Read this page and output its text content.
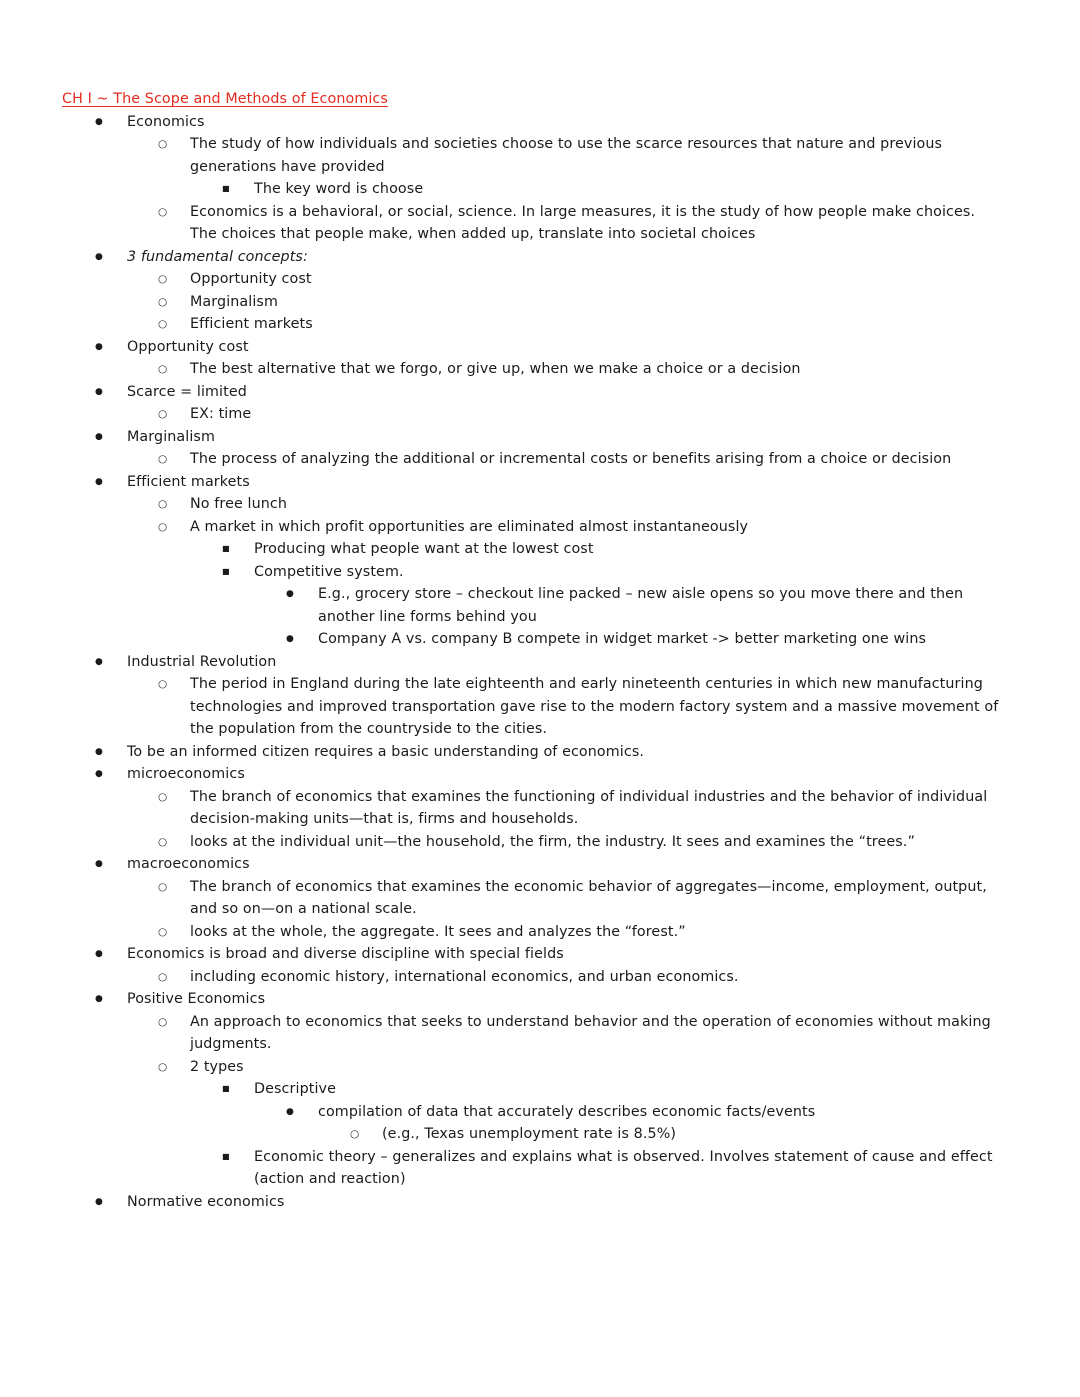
CH I ~ The Scope and Methods of Economics
●	Economics
○	The study of how individuals and societies choose to use the scarce resources that nature and previous generations have provided
■	The key word is choose
○	Economics is a behavioral, or social, science. In large measures, it is the study of how people make choices. The choices that people make, when added up, translate into societal choices
●	3 fundamental concepts:
○	Opportunity cost
○	Marginalism
○	Efficient markets
●	Opportunity cost
○	The best alternative that we forgo, or give up, when we make a choice or a decision
●	Scarce = limited
○	EX: time
●	Marginalism
○	The process of analyzing the additional or incremental costs or benefits arising from a choice or decision
●	Efficient markets
○	No free lunch
○	A market in which profit opportunities are eliminated almost instantaneously
■	Producing what people want at the lowest cost
■	Competitive system.
●	E.g., grocery store – checkout line packed – new aisle opens so you move there and then another line forms behind you
●	Company A vs. company B compete in widget market -> better marketing one wins
●	Industrial Revolution
○	The period in England during the late eighteenth and early nineteenth centuries in which new manufacturing technologies and improved transportation gave rise to the modern factory system and a massive movement of the population from the countryside to the cities.
●	To be an informed citizen requires a basic understanding of economics.
●	microeconomics
○	The branch of economics that examines the functioning of individual industries and the behavior of individual decision-making units—that is, firms and households.
○	looks at the individual unit—the household, the firm, the industry. It sees and examines the “trees.”
●	macroeconomics
○	The branch of economics that examines the economic behavior of aggregates—income, employment, output, and so on—on a national scale.
○	looks at the whole, the aggregate. It sees and analyzes the “forest.”
●	Economics is broad and diverse discipline with special fields
○	including economic history, international economics, and urban economics.
●	Positive Economics
○	An approach to economics that seeks to understand behavior and the operation of economies without making judgments.
○	2 types
■	Descriptive
●	compilation of data that accurately describes economic facts/events
○	(e.g., Texas unemployment rate is 8.5%)
■	Economic theory – generalizes and explains what is observed. Involves statement of cause and effect (action and reaction)
●	Normative economics
